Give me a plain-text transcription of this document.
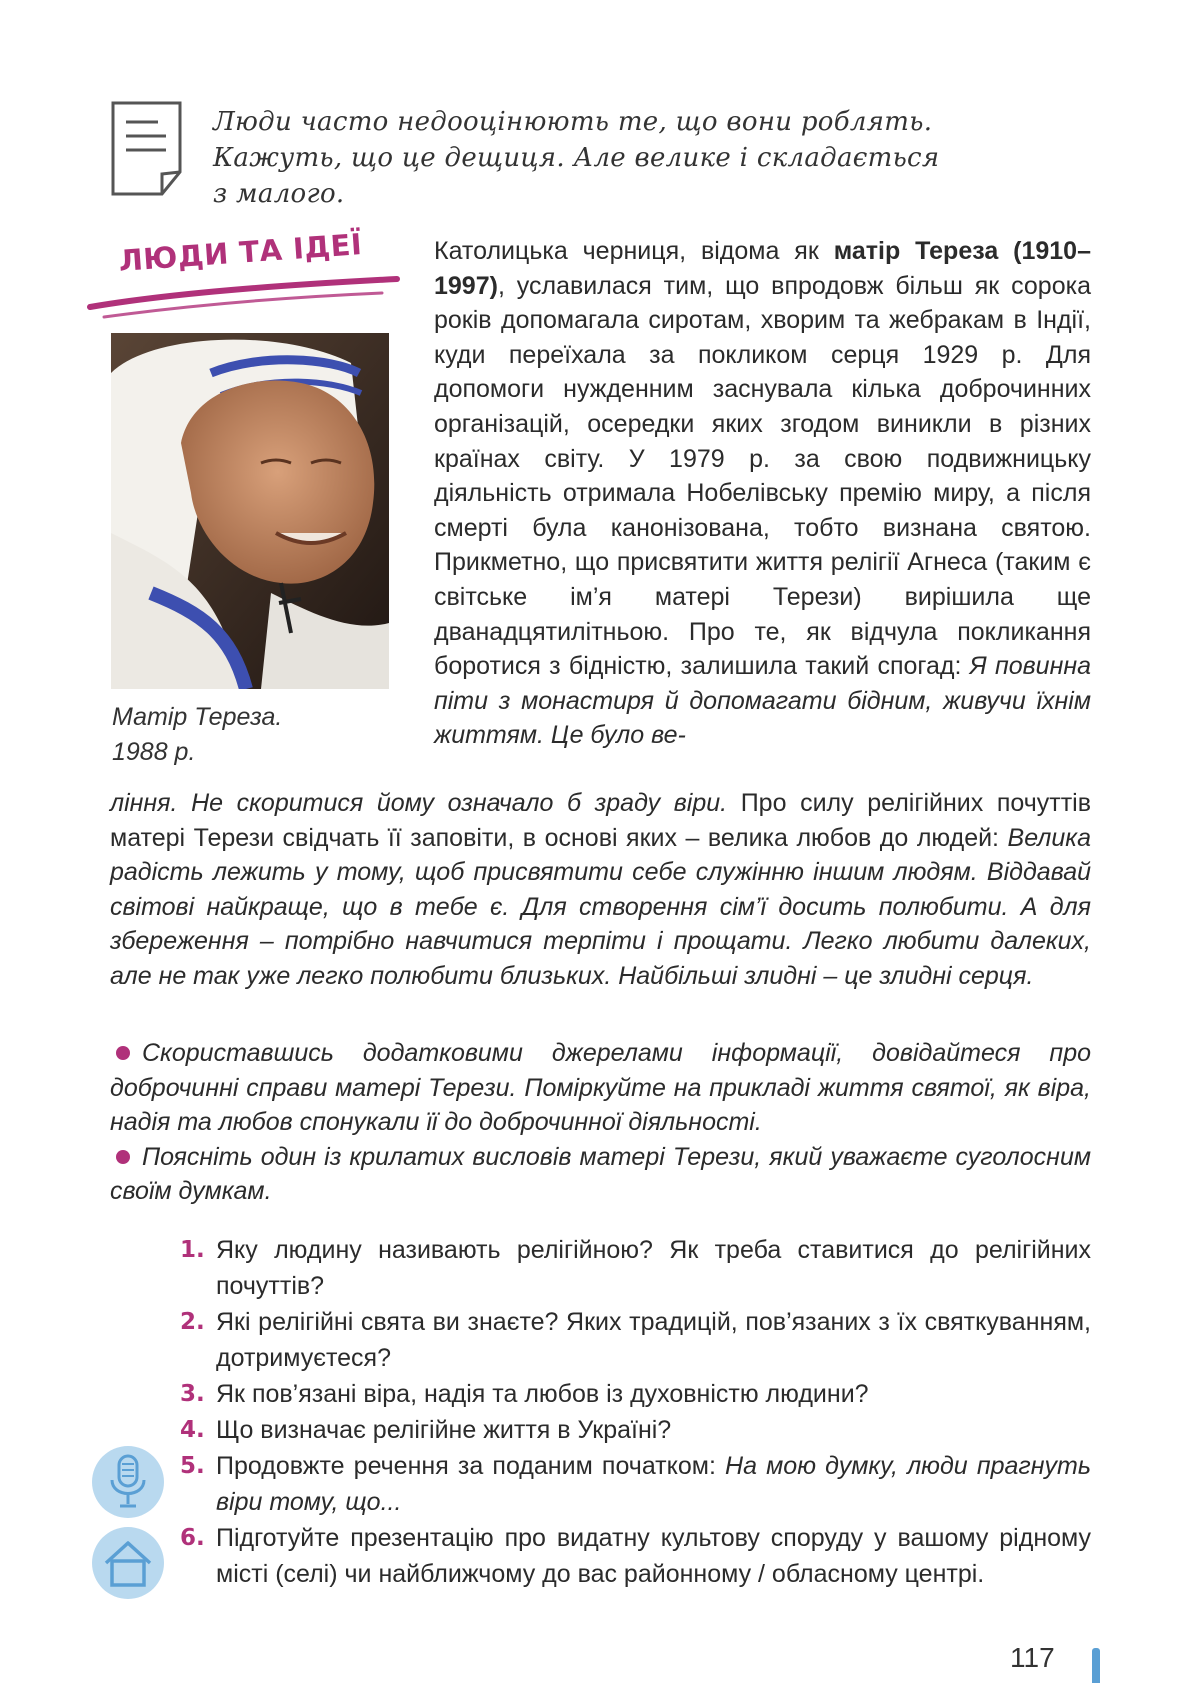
Люди часто недооцінюють те, що вони роблять.
Кажуть, що це дещиця. Але велике і складається
з малого.
ЛЮДИ ТА ІДЕЇ
Матір Тереза.
1988 р.
Католицька черниця, відома як матір Тереза (1910–1997), уславилася тим, що впродовж більш як сорока років допомагала сиротам, хворим та жебракам в Індії, куди переїхала за покликом серця 1929 р. Для допомоги нужденним заснувала кілька доброчинних організацій, осередки яких згодом виникли в різних країнах світу. У 1979 р. за свою подвижницьку діяльність отримала Нобелівську премію миру, а після смерті була канонізована, тобто визнана святою. Прикметно, що присвятити життя релігії Агнеса (таким є світське ім’я матері Терези) вирішила ще дванадцятилітньою. Про те, як відчула покликання боротися з бідністю, залишила такий спогад: Я повинна піти з монастиря й допомагати бідним, живучи їхнім життям. Це було ве-
ління. Не скоритися йому означало б зраду віри. Про силу релігійних почуттів матері Терези свідчать її заповіти, в основі яких – велика любов до людей: Велика радість лежить у тому, щоб присвятити себе служінню іншим людям. Віддавай світові найкраще, що в тебе є. Для створення сім’ї досить полюбити. А для збереження – потрібно навчитися терпіти і прощати. Легко любити далеких, але не так уже легко полюбити близьких. Найбільші злидні – це злидні серця.

Скориставшись додатковими джерелами інформації, довідайтеся про доброчинні справи матері Терези. Поміркуйте на прикладі життя святої, як віра, надія та любов спонукали її до доброчинної діяльності.

Поясніть один із крилатих висловів матері Терези, який уважаєте суголосним своїм думкам.

1. Яку людину називають релігійною? Як треба ставитися до релігійних почуттів?
2. Які релігійні свята ви знаєте? Яких традицій, пов’язаних з їх святкуванням, дотримуєтеся?
3. Як пов’язані віра, надія та любов із духовністю людини?
4. Що визначає релігійне життя в Україні?
5. Продовжте речення за поданим початком: На мою думку, люди прагнуть віри тому, що...
6. Підготуйте презентацію про видатну культову споруду у вашому рідному місті (селі) чи найближчому до вас районному / обласному центрі.
117
